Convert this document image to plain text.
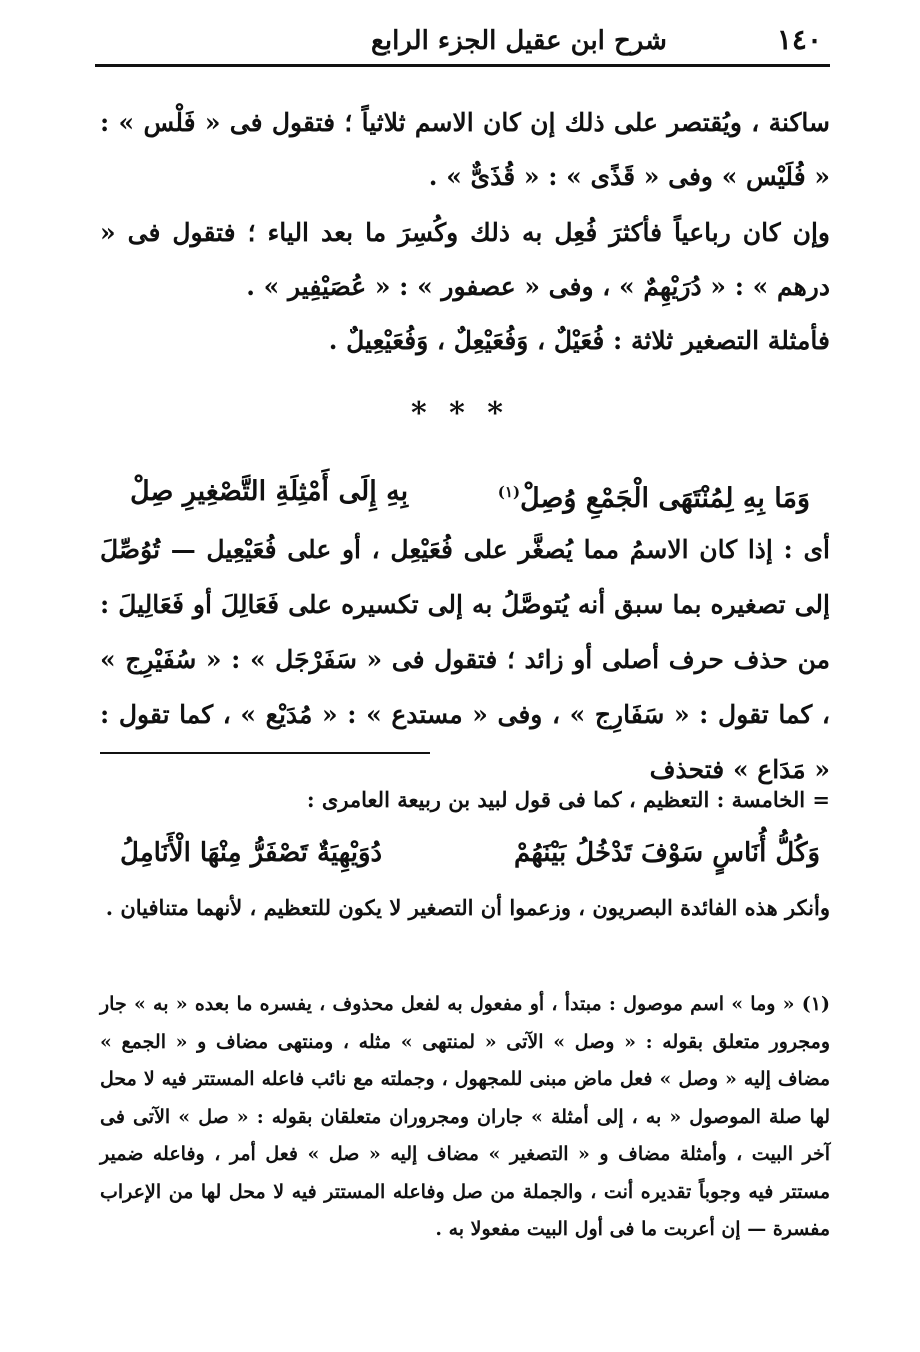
١٤٠
شرح ابن عقيل الجزء الرابع

ساكنة ، ويُقتصر على ذلك إن كان الاسم ثلاثياً ؛ فتقول فى « فَلْس » : « فُلَيْس » وفى « قَذًى » : « قُذَىٌّ » .

وإن كان رباعياً فأكثرَ فُعِل به ذلك وكُسِرَ ما بعد الياء ؛ فتقول فى « درهم » : « دُرَيْهِمٌ » ، وفى « عصفور » : « عُصَيْفِير » .

فأمثلة التصغير ثلاثة : فُعَيْلٌ ، وَفُعَيْعِلٌ ، وَفُعَيْعِيلٌ .

* * *
وَمَا بِهِ لِمُنْتَهَى الْجَمْعِ وُصِلْ$^{(١)}$
بِهِ إِلَى أَمْثِلَةِ التَّصْغِيرِ صِلْ

أى : إذا كان الاسمُ مما يُصغَّر على فُعَيْعِل ، أو على فُعَيْعِيل — تُوُصِّلَ إلى تصغيره بما سبق أنه يُتوصَّلُ به إلى تكسيره على فَعَالِلَ أو فَعَالِيلَ : من حذف حرف أصلى أو زائد ؛ فتقول فى « سَفَرْجَل » : « سُفَيْرِج » ، كما تقول : « سَفَارِج » ، وفى « مستدع » : « مُدَيْع » ، كما تقول : « مَدَاع » فتحذف

= الخامسة : التعظيم ، كما فى قول لبيد بن ربيعة العامرى :

وَكُلُّ أُنَاسٍ سَوْفَ تَدْخُلُ بَيْنَهُمْ
دُوَيْهِيَةٌ تَصْفَرُّ مِنْهَا الْأَنَامِلُ

وأنكر هذه الفائدة البصريون ، وزعموا أن التصغير لا يكون للتعظيم ، لأنهما متنافيان .

(١) « وما » اسم موصول : مبتدأ ، أو مفعول به لفعل محذوف ، يفسره ما بعده « به » جار ومجرور متعلق بقوله : « وصل » الآتى « لمنتهى » مثله ، ومنتهى مضاف و « الجمع » مضاف إليه « وصل » فعل ماض مبنى للمجهول ، وجملته مع نائب فاعله المستتر فيه لا محل لها صلة الموصول « به ، إلى أمثلة » جاران ومجروران متعلقان بقوله : « صل » الآتى فى آخر البيت ، وأمثلة مضاف و « التصغير » مضاف إليه « صل » فعل أمر ، وفاعله ضمير مستتر فيه وجوباً تقديره أنت ، والجملة من صل وفاعله المستتر فيه لا محل لها من الإعراب مفسرة — إن أعربت ما فى أول البيت مفعولا به .
